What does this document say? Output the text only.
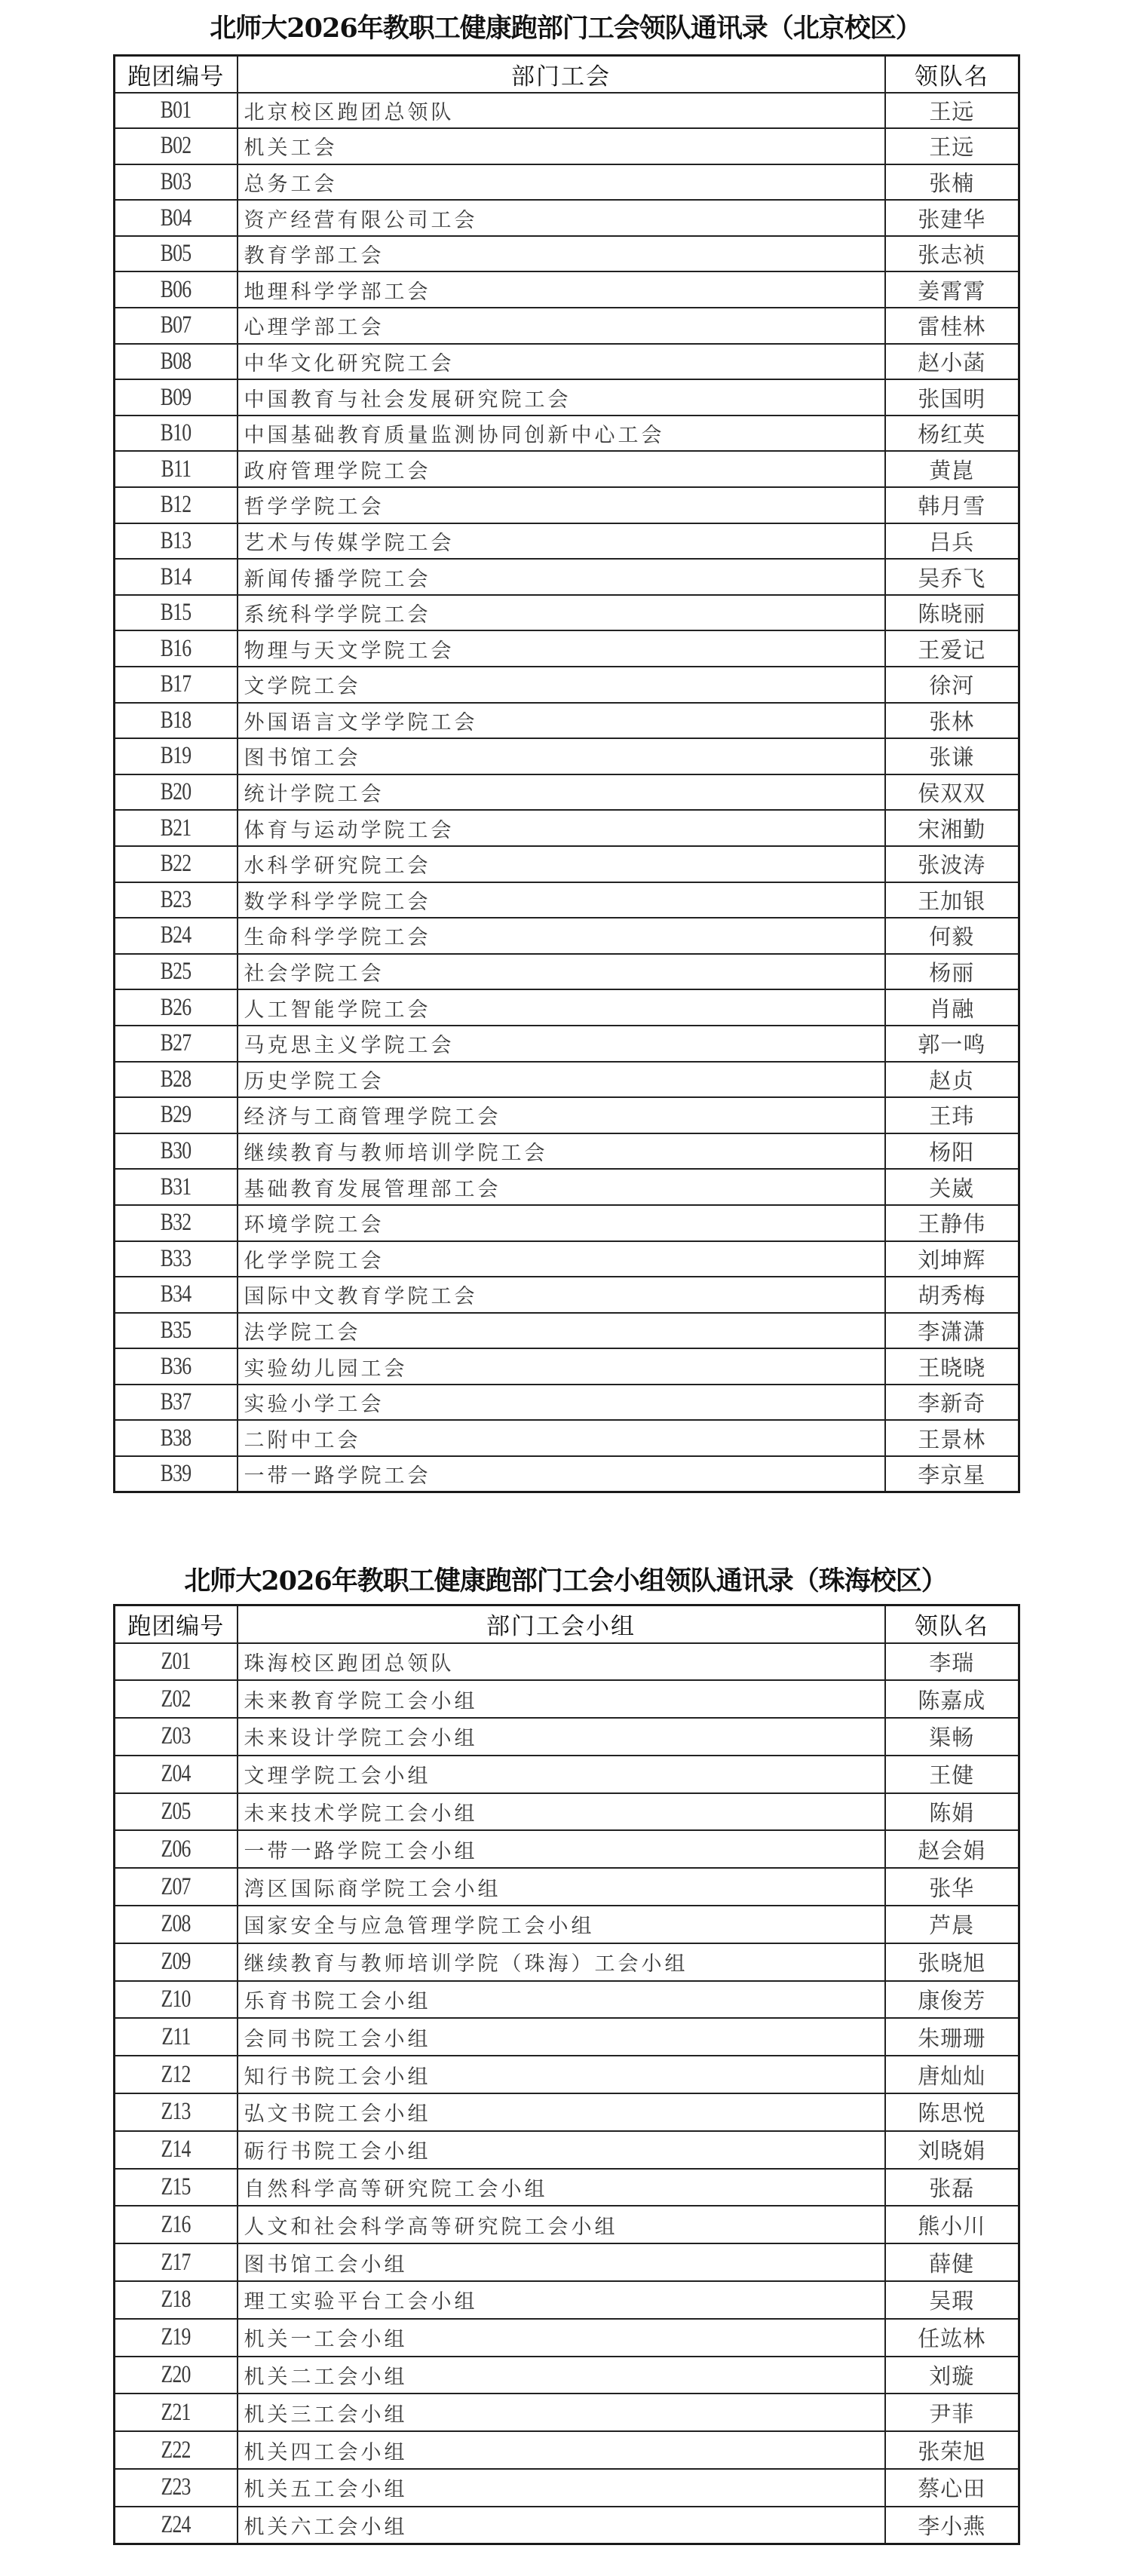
北师大2026年教职工健康跑部门工会领队通讯录（北京校区）
跑团编号	部门工会	领队名
B01	北京校区跑团总领队	王远
B02	机关工会	王远
B03	总务工会	张楠
B04	资产经营有限公司工会	张建华
B05	教育学部工会	张志祯
B06	地理科学学部工会	姜霄霄
B07	心理学部工会	雷桂林
B08	中华文化研究院工会	赵小菡
B09	中国教育与社会发展研究院工会	张国明
B10	中国基础教育质量监测协同创新中心工会	杨红英
B11	政府管理学院工会	黄崑
B12	哲学学院工会	韩月雪
B13	艺术与传媒学院工会	吕兵
B14	新闻传播学院工会	吴乔飞
B15	系统科学学院工会	陈晓丽
B16	物理与天文学院工会	王爱记
B17	文学院工会	徐河
B18	外国语言文学学院工会	张林
B19	图书馆工会	张谦
B20	统计学院工会	侯双双
B21	体育与运动学院工会	宋湘勤
B22	水科学研究院工会	张波涛
B23	数学科学学院工会	王加银
B24	生命科学学院工会	何毅
B25	社会学院工会	杨丽
B26	人工智能学院工会	肖融
B27	马克思主义学院工会	郭一鸣
B28	历史学院工会	赵贞
B29	经济与工商管理学院工会	王玮
B30	继续教育与教师培训学院工会	杨阳
B31	基础教育发展管理部工会	关崴
B32	环境学院工会	王静伟
B33	化学学院工会	刘坤辉
B34	国际中文教育学院工会	胡秀梅
B35	法学院工会	李潇潇
B36	实验幼儿园工会	王晓晓
B37	实验小学工会	李新奇
B38	二附中工会	王景林
B39	一带一路学院工会	李京星
北师大2026年教职工健康跑部门工会小组领队通讯录（珠海校区）
跑团编号	部门工会小组	领队名
Z01	珠海校区跑团总领队	李瑞
Z02	未来教育学院工会小组	陈嘉成
Z03	未来设计学院工会小组	渠畅
Z04	文理学院工会小组	王健
Z05	未来技术学院工会小组	陈娟
Z06	一带一路学院工会小组	赵会娟
Z07	湾区国际商学院工会小组	张华
Z08	国家安全与应急管理学院工会小组	芦晨
Z09	继续教育与教师培训学院（珠海）工会小组	张晓旭
Z10	乐育书院工会小组	康俊芳
Z11	会同书院工会小组	朱珊珊
Z12	知行书院工会小组	唐灿灿
Z13	弘文书院工会小组	陈思悦
Z14	砺行书院工会小组	刘晓娟
Z15	自然科学高等研究院工会小组	张磊
Z16	人文和社会科学高等研究院工会小组	熊小川
Z17	图书馆工会小组	薛健
Z18	理工实验平台工会小组	吴瑕
Z19	机关一工会小组	任竑林
Z20	机关二工会小组	刘璇
Z21	机关三工会小组	尹菲
Z22	机关四工会小组	张荣旭
Z23	机关五工会小组	蔡心田
Z24	机关六工会小组	李小燕
